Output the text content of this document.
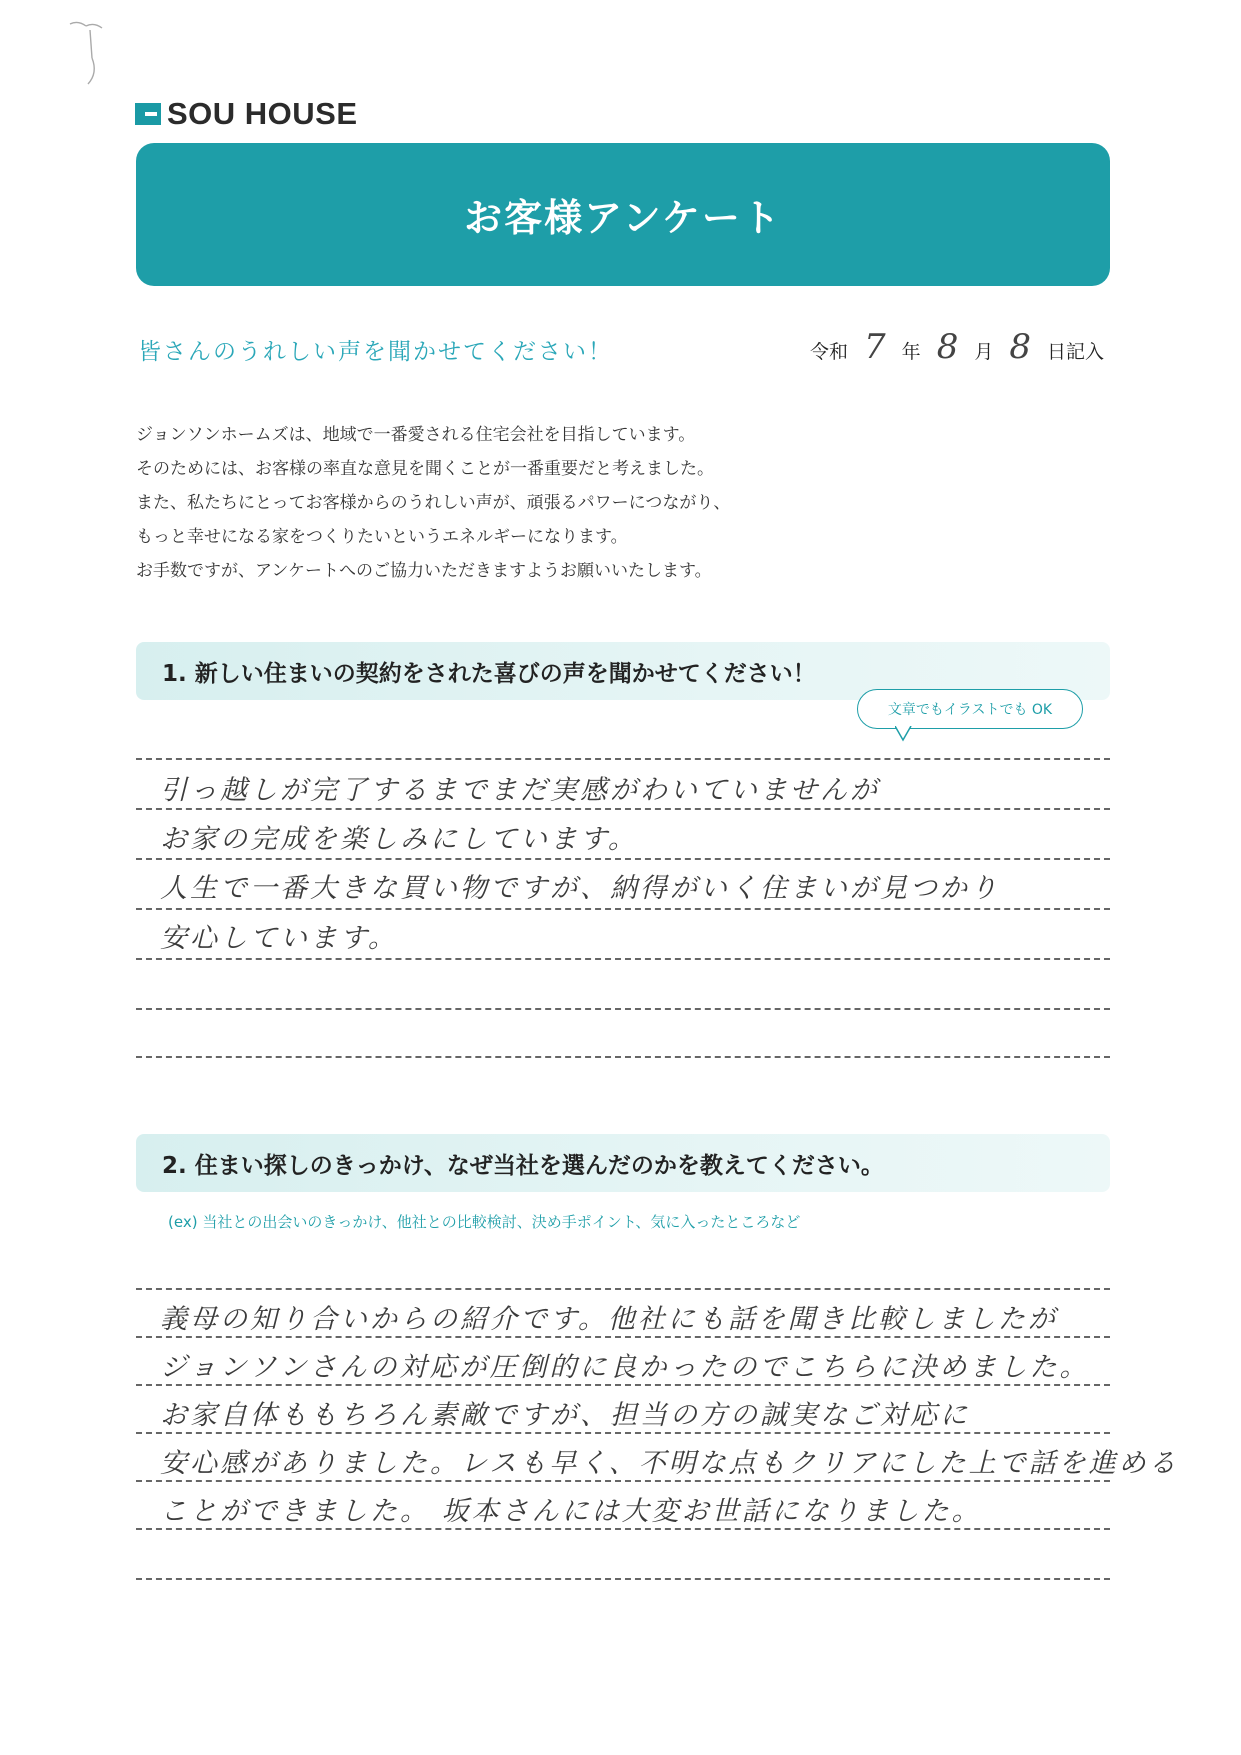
SOU HOUSE
お客様アンケート
皆さんのうれしい声を聞かせてください！	令和 7 年 8 月 8 日記入
ジョンソンホームズは、地域で一番愛される住宅会社を目指しています。
そのためには、お客様の率直な意見を聞くことが一番重要だと考えました。
また、私たちにとってお客様からのうれしい声が、頑張るパワーにつながり、
もっと幸せになる家をつくりたいというエネルギーになります。
お手数ですが、アンケートへのご協力いただきますようお願いいたします。
1. 新しい住まいの契約をされた喜びの声を聞かせてください！
文章でもイラストでも OK
引っ越しが完了するまでまだ実感がわいていませんが
お家の完成を楽しみにしています。
人生で一番大きな買い物ですが、納得がいく住まいが見つかり
安心しています。
2. 住まい探しのきっかけ、なぜ当社を選んだのかを教えてください。
(ex) 当社との出会いのきっかけ、他社との比較検討、決め手ポイント、気に入ったところなど
義母の知り合いからの紹介です。他社にも話を聞き比較しましたが
ジョンソンさんの対応が圧倒的に良かったのでこちらに決めました。
お家自体ももちろん素敵ですが、担当の方の誠実なご対応に
安心感がありました。レスも早く、不明な点もクリアにした上で話を進める
ことができました。 坂本さんには大変お世話になりました。
